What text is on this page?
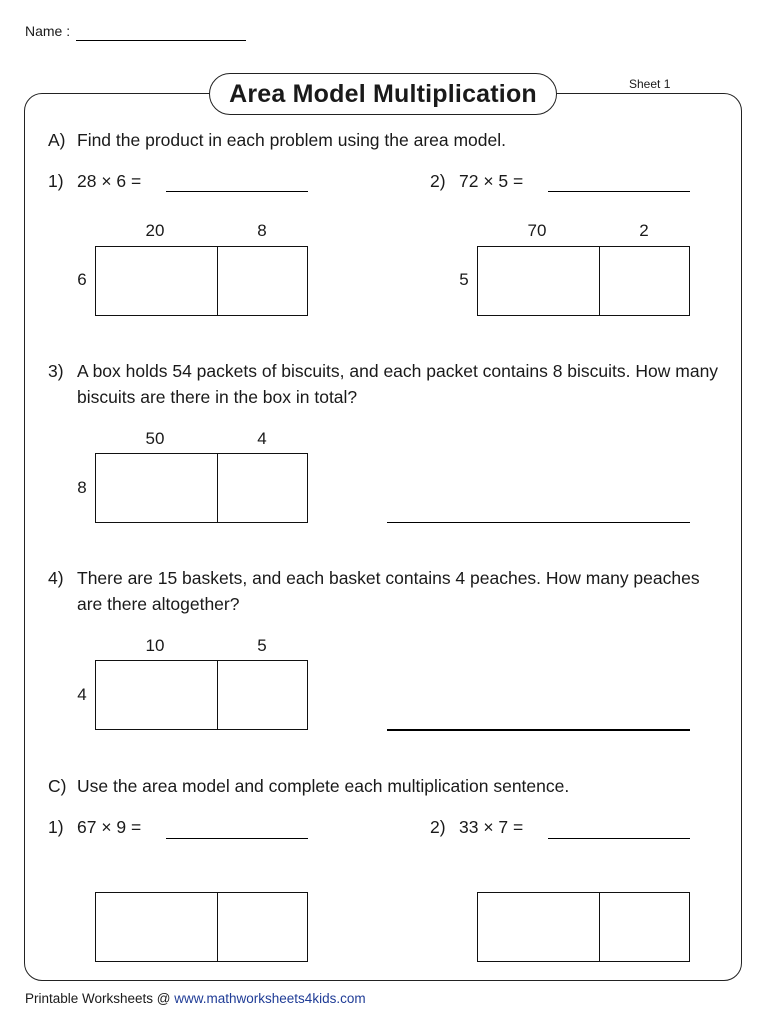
Name :
Area Model Multiplication	Sheet 1
A) Find the product in each problem using the area model.
1) 28 × 6 =
20	8
6
2) 72 × 5 =
70	2
5
3) A box holds 54 packets of biscuits, and each packet contains 8 biscuits. How many biscuits are there in the box in total?
50	4
8
4) There are 15 baskets, and each basket contains 4 peaches. How many peaches are there altogether?
10	5
4
C) Use the area model and complete each multiplication sentence.
1) 67 × 9 =	2) 33 × 7 =
Printable Worksheets @ www.mathworksheets4kids.com
